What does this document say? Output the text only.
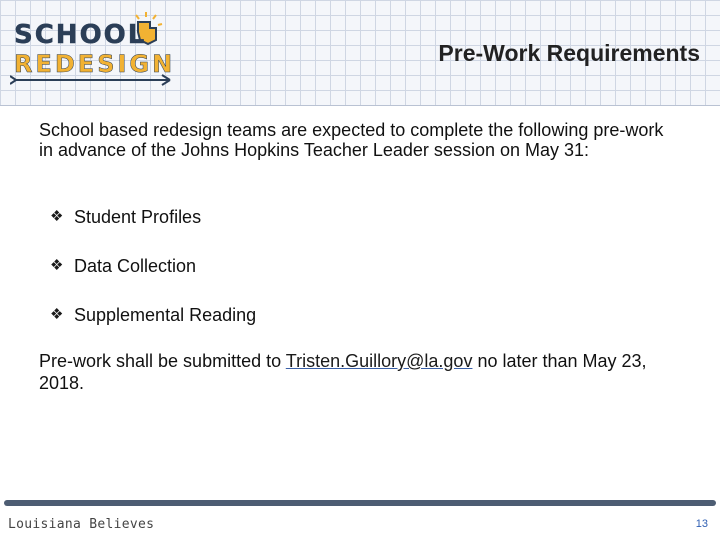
SCHOOL
REDESIGN	Pre-Work Requirements

School based redesign teams are expected to complete the following pre-work in advance of the Johns Hopkins Teacher Leader session on May 31:

❖ Student Profiles
❖ Data Collection
❖ Supplemental Reading

Pre-work shall be submitted to Tristen.Guillory@la.gov no later than May 23, 2018.

Louisiana Believes	13
